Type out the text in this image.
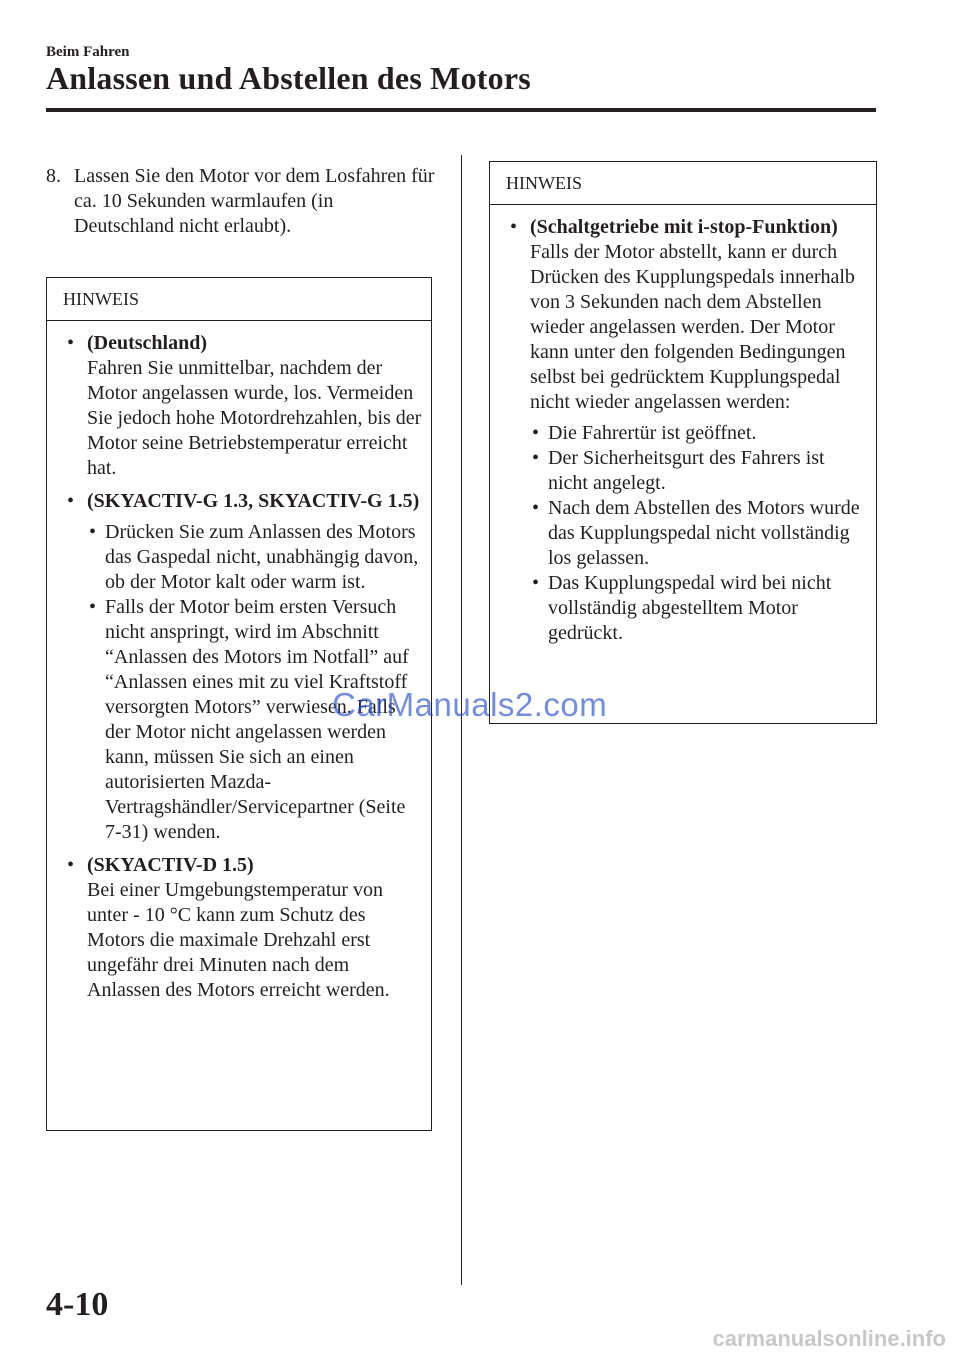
Beim Fahren
Anlassen und Abstellen des Motors
8. Lassen Sie den Motor vor dem Losfahren für ca. 10 Sekunden warmlaufen (in Deutschland nicht erlaubt).
HINWEIS
• (Deutschland)
Fahren Sie unmittelbar, nachdem der Motor angelassen wurde, los. Vermeiden Sie jedoch hohe Motordrehzahlen, bis der Motor seine Betriebstemperatur erreicht hat.
• (SKYACTIV-G 1.3, SKYACTIV-G 1.5)
• Drücken Sie zum Anlassen des Motors das Gaspedal nicht, unabhängig davon, ob der Motor kalt oder warm ist.
• Falls der Motor beim ersten Versuch nicht anspringt, wird im Abschnitt “Anlassen des Motors im Notfall” auf “Anlassen eines mit zu viel Kraftstoff versorgten Motors” verwiesen. Falls der Motor nicht angelassen werden kann, müssen Sie sich an einen autorisierten Mazda-Vertragshändler/Servicepartner (Seite 7-31) wenden.
• (SKYACTIV-D 1.5)
Bei einer Umgebungstemperatur von unter - 10 °C kann zum Schutz des Motors die maximale Drehzahl erst ungefähr drei Minuten nach dem Anlassen des Motors erreicht werden.
HINWEIS
• (Schaltgetriebe mit i-stop-Funktion)
Falls der Motor abstellt, kann er durch Drücken des Kupplungspedals innerhalb von 3 Sekunden nach dem Abstellen wieder angelassen werden. Der Motor kann unter den folgenden Bedingungen selbst bei gedrücktem Kupplungspedal nicht wieder angelassen werden:
• Die Fahrertür ist geöffnet.
• Der Sicherheitsgurt des Fahrers ist nicht angelegt.
• Nach dem Abstellen des Motors wurde das Kupplungspedal nicht vollständig los gelassen.
• Das Kupplungspedal wird bei nicht vollständig abgestelltem Motor gedrückt.
CarManuals2.com
4-10
carmanualsonline.info
